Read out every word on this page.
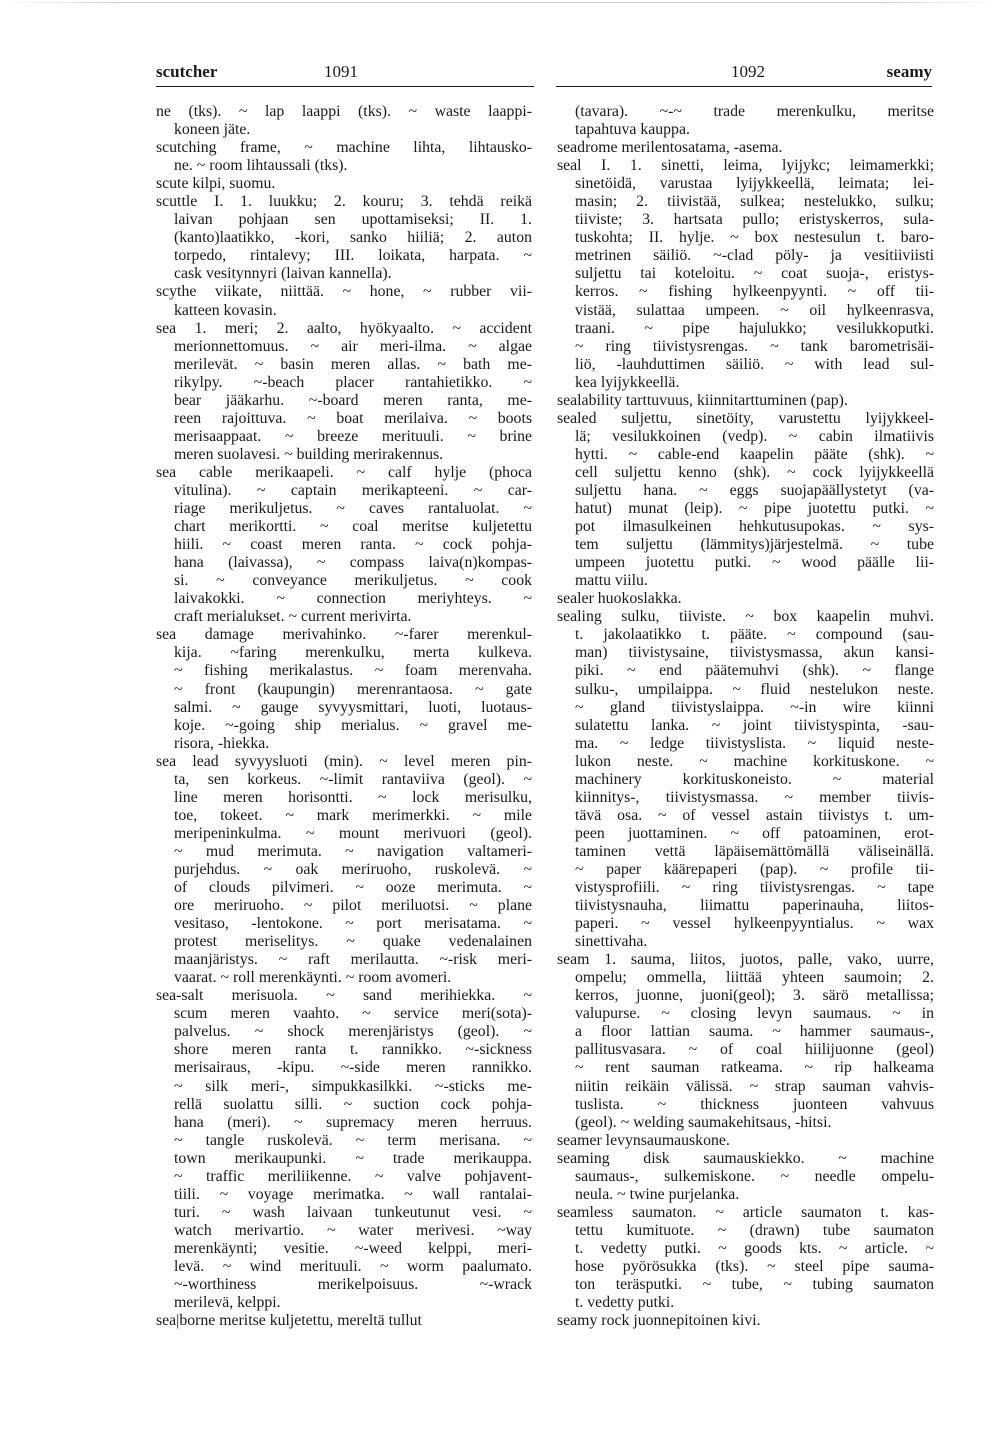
scutcher	1091	1092	seamy
ne (tks). ~ lap laappi (tks). ~ waste laappi-
koneen jäte.
scutching frame, ~ machine lihta, lihtausko-
ne. ~ room lihtaussali (tks).
scute kilpi, suomu.
scuttle I. 1. luukku; 2. kouru; 3. tehdä reikä
laivan pohjaan sen upottamiseksi; II. 1.
(kanto)laatikko, -kori, sanko hiiliä; 2. auton
torpedo, rintalevy; III. loikata, harpata. ~
cask vesitynnyri (laivan kannella).
scythe viikate, niittää. ~ hone, ~ rubber vii-
katteen kovasin.
sea 1. meri; 2. aalto, hyökyaalto. ~ accident
merionnettomuus. ~ air meri-ilma. ~ algae
merilevät. ~ basin meren allas. ~ bath me-
rikylpy. ~-beach placer rantahietikko. ~
bear jääkarhu. ~-board meren ranta, me-
reen rajoittuva. ~ boat merilaiva. ~ boots
merisaappaat. ~ breeze merituuli. ~ brine
meren suolavesi. ~ building merirakennus.
sea cable merikaapeli. ~ calf hylje (phoca
vitulina). ~ captain merikapteeni. ~ car-
riage merikuljetus. ~ caves rantaluolat. ~
chart merikortti. ~ coal meritse kuljetettu
hiili. ~ coast meren ranta. ~ cock pohja-
hana (laivassa), ~ compass laiva(n)kompas-
si. ~ conveyance merikuljetus. ~ cook
laivakokki. ~ connection meriyhteys. ~
craft merialukset. ~ current merivirta.
sea damage merivahinko. ~-farer merenkul-
kija. ~faring merenkulku, merta kulkeva.
~ fishing merikalastus. ~ foam merenvaha.
~ front (kaupungin) merenrantaosa. ~ gate
salmi. ~ gauge syvyysmittari, luoti, luotaus-
koje. ~-going ship merialus. ~ gravel me-
risora, -hiekka.
sea lead syvyysluoti (min). ~ level meren pin-
ta, sen korkeus. ~-limit rantaviiva (geol). ~
line meren horisontti. ~ lock merisulku,
toe, tokeet. ~ mark merimerkki. ~ mile
meripeninkulma. ~ mount merivuori (geol).
~ mud merimuta. ~ navigation valtameri-
purjehdus. ~ oak meriruoho, ruskolevä. ~
of clouds pilvimeri. ~ ooze merimuta. ~
ore meriruoho. ~ pilot meriluotsi. ~ plane
vesitaso, -lentokone. ~ port merisatama. ~
protest meriselitys. ~ quake vedenalainen
maanjäristys. ~ raft merilautta. ~-risk meri-
vaarat. ~ roll merenkäynti. ~ room avomeri.
sea-salt merisuola. ~ sand merihiekka. ~
scum meren vaahto. ~ service meri(sota)-
palvelus. ~ shock merenjäristys (geol). ~
shore meren ranta t. rannikko. ~-sickness
merisairaus, -kipu. ~-side meren rannikko.
~ silk meri-, simpukkasilkki. ~-sticks me-
rellä suolattu silli. ~ suction cock pohja-
hana (meri). ~ supremacy meren herruus.
~ tangle ruskolevä. ~ term merisana. ~
town merikaupunki. ~ trade merikauppa.
~ traffic meriliikenne. ~ valve pohjavent-
tiili. ~ voyage merimatka. ~ wall rantalai-
turi. ~ wash laivaan tunkeutunut vesi. ~
watch merivartio. ~ water merivesi. ~way
merenkäynti; vesitie. ~-weed kelppi, meri-
levä. ~ wind merituuli. ~ worm paalumato.
~-worthiness merikelpoisuus. ~-wrack
merilevä, kelppi.
sea|borne meritse kuljetettu, mereltä tullut
(tavara). ~-~ trade merenkulku, meritse
tapahtuva kauppa.
seadrome merilentosatama, -asema.
seal I. 1. sinetti, leima, lyijykc; leimamerkki;
sinetöidä, varustaa lyijykkeellä, leimata; lei-
masin; 2. tiivistää, sulkea; nestelukko, sulku;
tiiviste; 3. hartsata pullo; eristyskerros, sula-
tuskohta; II. hylje. ~ box nestesulun t. baro-
metrinen säiliö. ~-clad pöly- ja vesitiiviisti
suljettu tai koteloitu. ~ coat suoja-, eristys-
kerros. ~ fishing hylkeenpyynti. ~ off tii-
vistää, sulattaa umpeen. ~ oil hylkeenrasva,
traani. ~ pipe hajulukko; vesilukkoputki.
~ ring tiivistysrengas. ~ tank barometrisäi-
liö, -lauhduttimen säiliö. ~ with lead sul-
kea lyijykkeellä.
sealability tarttuvuus, kiinnitarttuminen (pap).
sealed suljettu, sinetöity, varustettu lyijykkeel-
lä; vesilukkoinen (vedp). ~ cabin ilmatiivis
hytti. ~ cable-end kaapelin pääte (shk). ~
cell suljettu kenno (shk). ~ cock lyijykkeellä
suljettu hana. ~ eggs suojapäällystetyt (va-
hatut) munat (leip). ~ pipe juotettu putki. ~
pot ilmasulkeinen hehkutusupokas. ~ sys-
tem suljettu (lämmitys)järjestelmä. ~ tube
umpeen juotettu putki. ~ wood päälle lii-
mattu viilu.
sealer huokoslakka.
sealing sulku, tiiviste. ~ box kaapelin muhvi.
t. jakolaatikko t. pääte. ~ compound (sau-
man) tiivistysaine, tiivistysmassa, akun kansi-
piki. ~ end päätemuhvi (shk). ~ flange
sulku-, umpilaippa. ~ fluid nestelukon neste.
~ gland tiivistyslaippa. ~-in wire kiinni
sulatettu lanka. ~ joint tiivistyspinta, -sau-
ma. ~ ledge tiivistyslista. ~ liquid neste-
lukon neste. ~ machine korkituskone. ~
machinery korkituskoneisto. ~ material
kiinnitys-, tiivistysmassa. ~ member tiivis-
tävä osa. ~ of vessel astain tiivistys t. um-
peen juottaminen. ~ off patoaminen, erot-
taminen vettä läpäisemättömällä väliseinällä.
~ paper käärepaperi (pap). ~ profile tii-
vistysprofiili. ~ ring tiivistysrengas. ~ tape
tiivistysnauha, liimattu paperinauha, liitos-
paperi. ~ vessel hylkeenpyyntialus. ~ wax
sinettivaha.
seam 1. sauma, liitos, juotos, palle, vako, uurre,
ompelu; ommella, liittää yhteen saumoin; 2.
kerros, juonne, juoni(geol); 3. särö metallissa;
valupurse. ~ closing levyn saumaus. ~ in
a floor lattian sauma. ~ hammer saumaus-,
pallitusvasara. ~ of coal hiilijuonne (geol)
~ rent sauman ratkeama. ~ rip halkeama
niitin reikäin välissä. ~ strap sauman vahvis-
tuslista. ~ thickness juonteen vahvuus
(geol). ~ welding saumakehitsaus, -hitsi.
seamer levynsaumauskone.
seaming disk saumauskiekko. ~ machine
saumaus-, sulkemiskone. ~ needle ompelu-
neula. ~ twine purjelanka.
seamless saumaton. ~ article saumaton t. kas-
tettu kumituote. ~ (drawn) tube saumaton
t. vedetty putki. ~ goods kts. ~ article. ~
hose pyörösukka (tks). ~ steel pipe sauma-
ton teräsputki. ~ tube, ~ tubing saumaton
t. vedetty putki.
seamy rock juonnepitoinen kivi.
